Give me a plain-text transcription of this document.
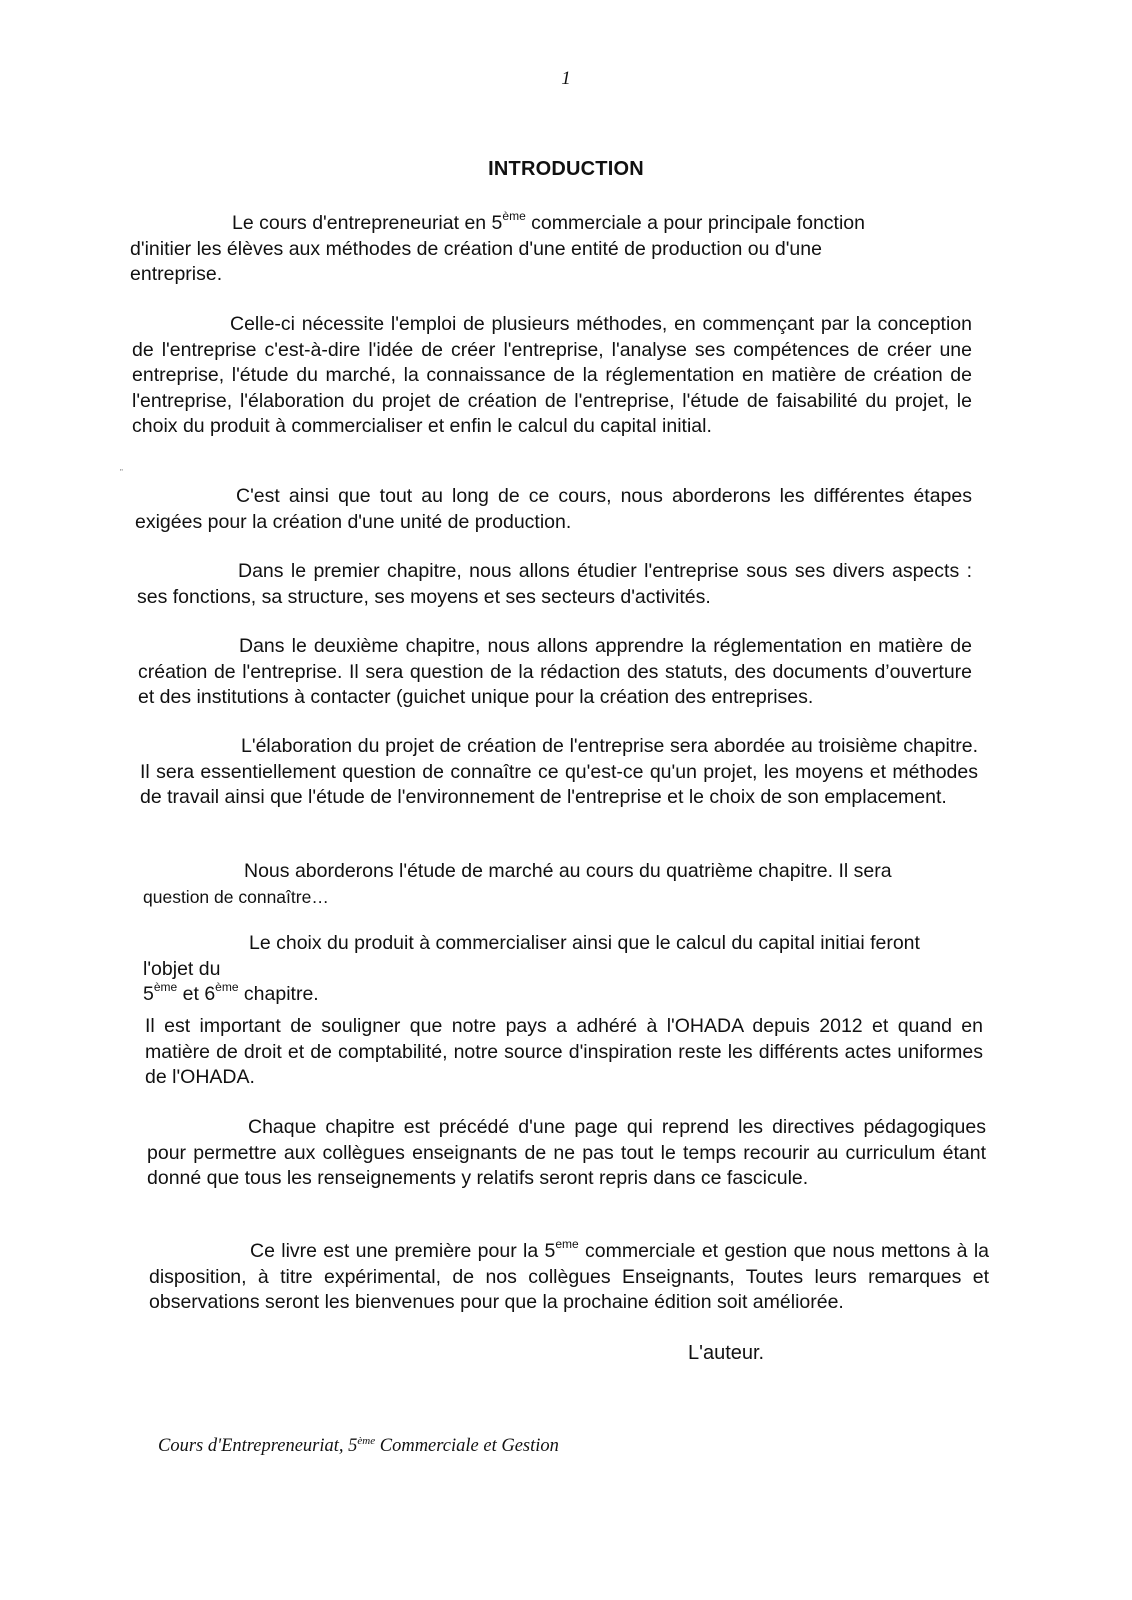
1
INTRODUCTION

Le cours d'entrepreneuriat en 5ème commerciale a pour principale fonction d'initier les élèves aux méthodes de création d'une entité de production ou d'une entreprise.

Celle-ci nécessite l'emploi de plusieurs méthodes, en commençant par la conception de l'entreprise c'est-à-dire l'idée de créer l'entreprise, l'analyse ses compétences de créer une entreprise, l'étude du marché, la connaissance de la réglementation en matière de création de l'entreprise, l'élaboration du projet de création de l'entreprise, l'étude de faisabilité du projet, le choix du produit à commercialiser et enfin le calcul du capital initial.

"

C'est ainsi que tout au long de ce cours, nous aborderons les différentes étapes exigées pour la création d'une unité de production.

Dans le premier chapitre, nous allons étudier l'entreprise sous ses divers aspects : ses fonctions, sa structure, ses moyens et ses secteurs d'activités.

Dans le deuxième chapitre, nous allons apprendre la réglementation en matière de création de l'entreprise. Il sera question de la rédaction des statuts, des documents d’ouverture et des institutions à contacter (guichet unique pour la création des entreprises.

L'élaboration du projet de création de l'entreprise sera abordée au troisième chapitre. Il sera essentiellement question de connaître ce qu'est-ce qu'un projet, les moyens et méthodes de travail ainsi que l'étude de l'environnement de l'entreprise et le choix de son emplacement.

Nous aborderons l'étude de marché au cours du quatrième chapitre. Il sera
question de connaître…
Le choix du produit à commercialiser ainsi que le calcul du capital initiai feront
l'objet du
5ème et 6ème chapitre.

Il est important de souligner que notre pays a adhéré à l'OHADA depuis 2012 et quand en matière de droit et de comptabilité, notre source d'inspiration reste les différents actes uniformes de l'OHADA.

Chaque chapitre est précédé d'une page qui reprend les directives pédagogiques pour permettre aux collègues enseignants de ne pas tout le temps recourir au curriculum étant donné que tous les renseignements y relatifs seront repris dans ce fascicule.

Ce livre est une première pour la 5eme commerciale et gestion que nous mettons à la disposition, à titre expérimental, de nos collègues Enseignants, Toutes leurs remarques et observations seront les bienvenues pour que la prochaine édition soit améliorée.

L'auteur.
Cours d'Entrepreneuriat, 5ème Commerciale et Gestion
